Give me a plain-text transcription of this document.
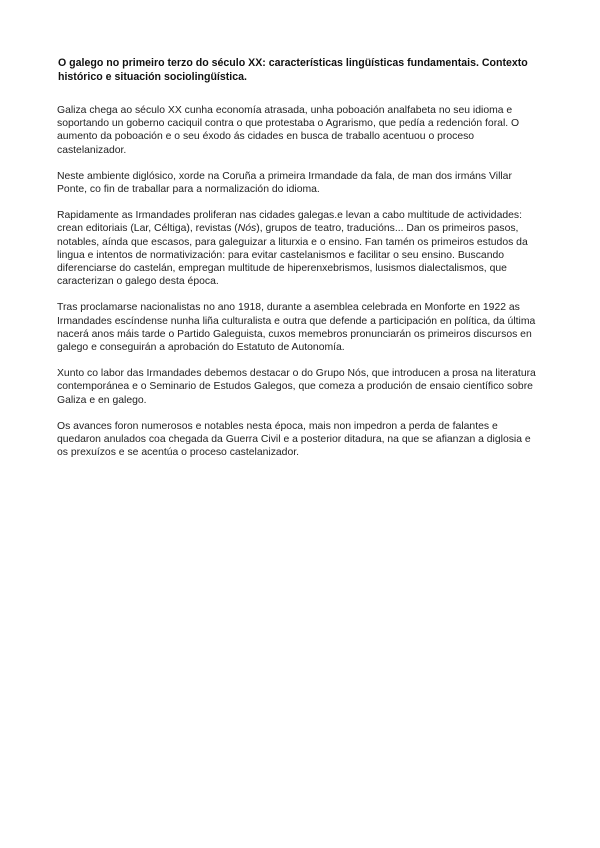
O galego no primeiro terzo do século XX: características lingüísticas fundamentais. Contexto histórico e situación sociolingüística.

Galiza chega ao século XX cunha economía atrasada, unha poboación analfabeta no seu idioma e soportando un goberno caciquil contra o que protestaba o Agrarismo, que pedía a redención foral. O aumento da poboación e o seu éxodo ás cidades en busca de traballo acentuou o proceso castelanizador.

Neste ambiente diglósico, xorde na Coruña a primeira Irmandade da fala, de man dos irmáns Villar Ponte, co fin de traballar para a normalización do idioma.

Rapidamente as Irmandades proliferan nas cidades galegas.e levan a cabo multitude de actividades: crean editoriais (Lar, Céltiga), revistas (Nós), grupos de teatro, traducións... Dan os primeiros pasos, notables, aínda que escasos, para galeguizar a liturxia e o ensino. Fan tamén os primeiros estudos da lingua e intentos de normativización: para evitar castelanismos e facilitar o seu ensino. Buscando diferenciarse do castelán, empregan multitude de hiperenxebrismos, lusismos dialectalismos, que caracterizan o galego desta época.

Tras proclamarse nacionalistas no ano 1918, durante a asemblea celebrada en Monforte en 1922 as Irmandades escíndense nunha liña culturalista e outra que defende a participación en política, da última nacerá anos máis tarde o Partido Galeguista, cuxos memebros pronunciarán os primeiros discursos en galego e conseguirán a aprobación do Estatuto de Autonomía.

Xunto co labor das Irmandades debemos destacar o do Grupo Nós, que introducen a prosa na literatura contemporánea e o Seminario de Estudos Galegos, que comeza a produción de ensaio científico sobre Galiza e en galego.

Os avances foron numerosos e notables nesta época, mais non impedron a perda de falantes e quedaron anulados coa chegada da Guerra Civil e a posterior ditadura, na que se afianzan a diglosia e os prexuízos e se acentúa o proceso castelanizador.
